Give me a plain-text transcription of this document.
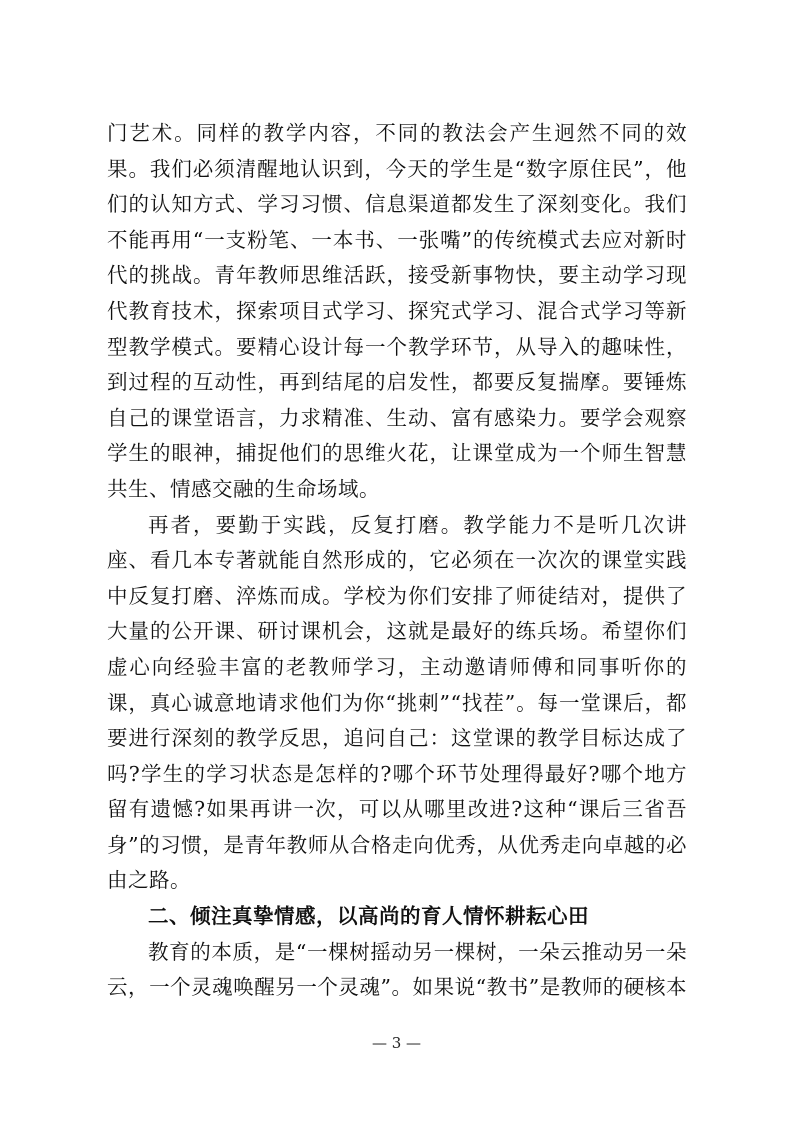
门艺术。同样的教学内容，不同的教法会产生迥然不同的效果。我们必须清醒地认识到，今天的学生是“数字原住民”，他们的认知方式、学习习惯、信息渠道都发生了深刻变化。我们不能再用“一支粉笔、一本书、一张嘴”的传统模式去应对新时代的挑战。青年教师思维活跃，接受新事物快，要主动学习现代教育技术，探索项目式学习、探究式学习、混合式学习等新型教学模式。要精心设计每一个教学环节，从导入的趣味性，到过程的互动性，再到结尾的启发性，都要反复揣摩。要锤炼自己的课堂语言，力求精准、生动、富有感染力。要学会观察学生的眼神，捕捉他们的思维火花，让课堂成为一个师生智慧共生、情感交融的生命场域。

再者，要勤于实践，反复打磨。教学能力不是听几次讲座、看几本专著就能自然形成的，它必须在一次次的课堂实践中反复打磨、淬炼而成。学校为你们安排了师徒结对，提供了大量的公开课、研讨课机会，这就是最好的练兵场。希望你们虚心向经验丰富的老教师学习，主动邀请师傅和同事听你的课，真心诚意地请求他们为你“挑刺”“找茬”。每一堂课后，都要进行深刻的教学反思，追问自己：这堂课的教学目标达成了吗?学生的学习状态是怎样的?哪个环节处理得最好?哪个地方留有遗憾?如果再讲一次，可以从哪里改进?这种“课后三省吾身”的习惯，是青年教师从合格走向优秀，从优秀走向卓越的必由之路。

二、倾注真挚情感，以高尚的育人情怀耕耘心田

教育的本质，是“一棵树摇动另一棵树，一朵云推动另一朵云，一个灵魂唤醒另一个灵魂”。如果说“教书”是教师的硬核本

— 3 —
